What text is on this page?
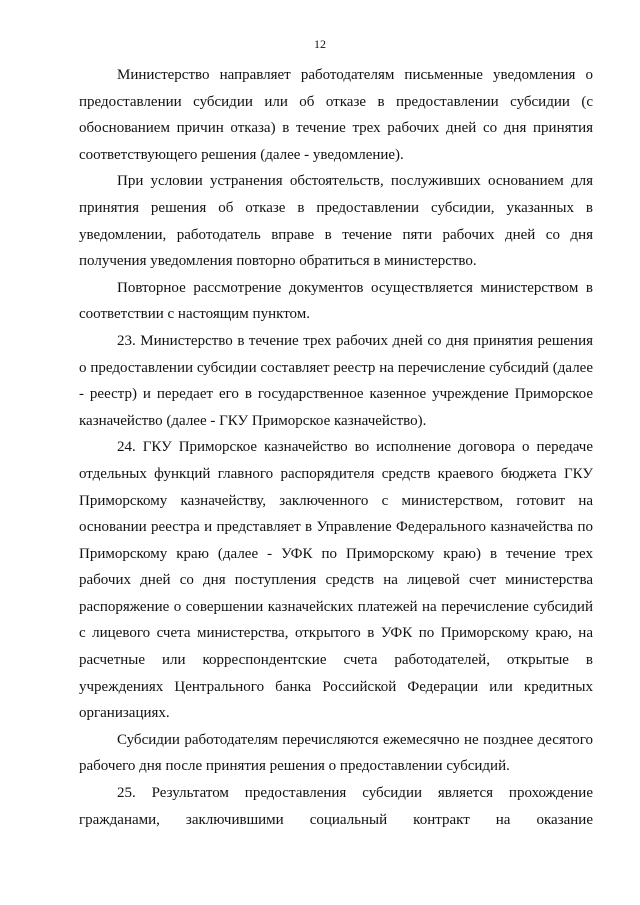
12

Министерство направляет работодателям письменные уведомления о предоставлении субсидии или об отказе в предоставлении субсидии (с обоснованием причин отказа) в течение трех рабочих дней со дня принятия соответствующего решения (далее - уведомление).

При условии устранения обстоятельств, послуживших основанием для принятия решения об отказе в предоставлении субсидии, указанных в уведомлении, работодатель вправе в течение пяти рабочих дней со дня получения уведомления повторно обратиться в министерство.

Повторное рассмотрение документов осуществляется министерством в соответствии с настоящим пунктом.

23. Министерство в течение трех рабочих дней со дня принятия решения о предоставлении субсидии составляет реестр на перечисление субсидий (далее - реестр) и передает его в государственное казенное учреждение Приморское казначейство (далее - ГКУ Приморское казначейство).

24. ГКУ Приморское казначейство во исполнение договора о передаче отдельных функций главного распорядителя средств краевого бюджета ГКУ Приморскому казначейству, заключенного с министерством, готовит на основании реестра и представляет в Управление Федерального казначейства по Приморскому краю (далее - УФК по Приморскому краю) в течение трех рабочих дней со дня поступления средств на лицевой счет министерства распоряжение о совершении казначейских платежей на перечисление субсидий с лицевого счета министерства, открытого в УФК по Приморскому краю, на расчетные или корреспондентские счета работодателей, открытые в учреждениях Центрального банка Российской Федерации или кредитных организациях.

Субсидии работодателям перечисляются ежемесячно не позднее десятого рабочего дня после принятия решения о предоставлении субсидий.

25. Результатом предоставления субсидии является прохождение гражданами, заключившими социальный контракт на оказание
